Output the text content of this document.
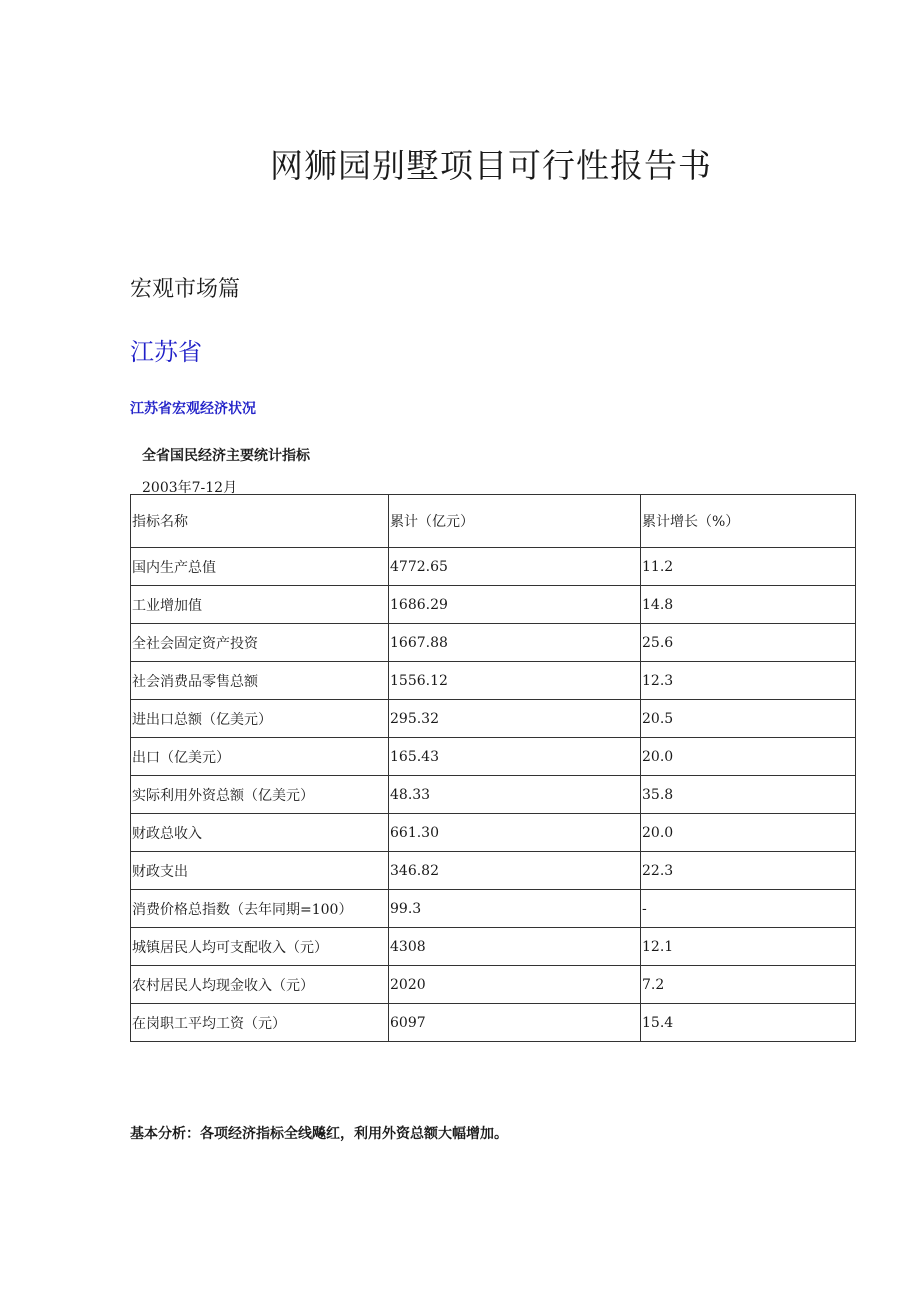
网狮园别墅项目可行性报告书
宏观市场篇
江苏省
江苏省宏观经济状况
全省国民经济主要统计指标
2003年7-12月
指标名称	累计（亿元）	累计增长（%）
国内生产总值	4772.65	11.2
工业增加值	1686.29	14.8
全社会固定资产投资	1667.88	25.6
社会消费品零售总额	1556.12	12.3
进出口总额（亿美元）	295.32	20.5
出口（亿美元）	165.43	20.0
实际利用外资总额（亿美元）	48.33	35.8
财政总收入	661.30	20.0
财政支出	346.82	22.3
消费价格总指数（去年同期=100）	99.3	-
城镇居民人均可支配收入（元）	4308	12.1
农村居民人均现金收入（元）	2020	7.2
在岗职工平均工资（元）	6097	15.4
基本分析：各项经济指标全线飚红，利用外资总额大幅增加。
